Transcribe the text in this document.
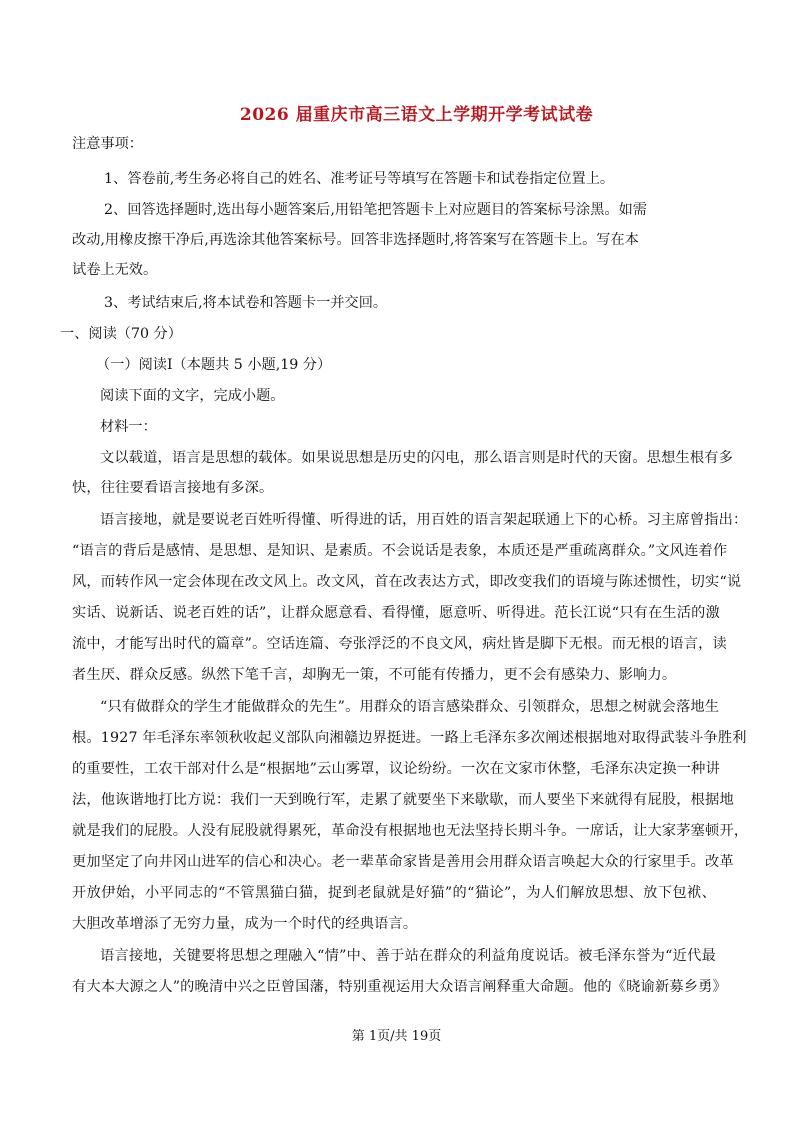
2026 届重庆市高三语文上学期开学考试试卷
注意事项：
1、答卷前,考生务必将自己的姓名、准考证号等填写在答题卡和试卷指定位置上。
2、回答选择题时,选出每小题答案后,用铅笔把答题卡上对应题目的答案标号涂黑。如需
改动,用橡皮擦干净后,再选涂其他答案标号。回答非选择题时,将答案写在答题卡上。写在本
试卷上无效。
3、考试结束后,将本试卷和答题卡一并交回。
一、阅读（70 分）
（一）阅读Ⅰ（本题共 5 小题,19 分）
阅读下面的文字，完成小题。
材料一：
文以载道，语言是思想的载体。如果说思想是历史的闪电，那么语言则是时代的天窗。思想生根有多
快，往往要看语言接地有多深。
语言接地，就是要说老百姓听得懂、听得进的话，用百姓的语言架起联通上下的心桥。习主席曾指出：
“语言的背后是感情、是思想、是知识、是素质。不会说话是表象，本质还是严重疏离群众。”文风连着作
风，而转作风一定会体现在改文风上。改文风，首在改表达方式，即改变我们的语境与陈述惯性，切实“说
实话、说新话、说老百姓的话”，让群众愿意看、看得懂，愿意听、听得进。范长江说“只有在生活的激
流中，才能写出时代的篇章”。空话连篇、夸张浮泛的不良文风，病灶皆是脚下无根。而无根的语言，读
者生厌、群众反感。纵然下笔千言，却胸无一策，不可能有传播力，更不会有感染力、影响力。
“只有做群众的学生才能做群众的先生”。用群众的语言感染群众、引领群众，思想之树就会落地生
根。1927 年毛泽东率领秋收起义部队向湘赣边界挺进。一路上毛泽东多次阐述根据地对取得武装斗争胜利
的重要性，工农干部对什么是“根据地”云山雾罩，议论纷纷。一次在文家市休整，毛泽东决定换一种讲
法，他诙谐地打比方说：我们一天到晚行军，走累了就要坐下来歇歇，而人要坐下来就得有屁股，根据地
就是我们的屁股。人没有屁股就得累死，革命没有根据地也无法坚持长期斗争。一席话，让大家茅塞顿开，
更加坚定了向井冈山进军的信心和决心。老一辈革命家皆是善用会用群众语言唤起大众的行家里手。改革
开放伊始，小平同志的“不管黑猫白猫，捉到老鼠就是好猫”的“猫论”，为人们解放思想、放下包袱、
大胆改革增添了无穷力量，成为一个时代的经典语言。
语言接地，关键要将思想之理融入“情”中、善于站在群众的利益角度说话。被毛泽东誉为“近代最
有大本大源之人”的晚清中兴之臣曾国藩，特别重视运用大众语言阐释重大命题。他的《晓谕新募乡勇》
第 1页/共 19页
